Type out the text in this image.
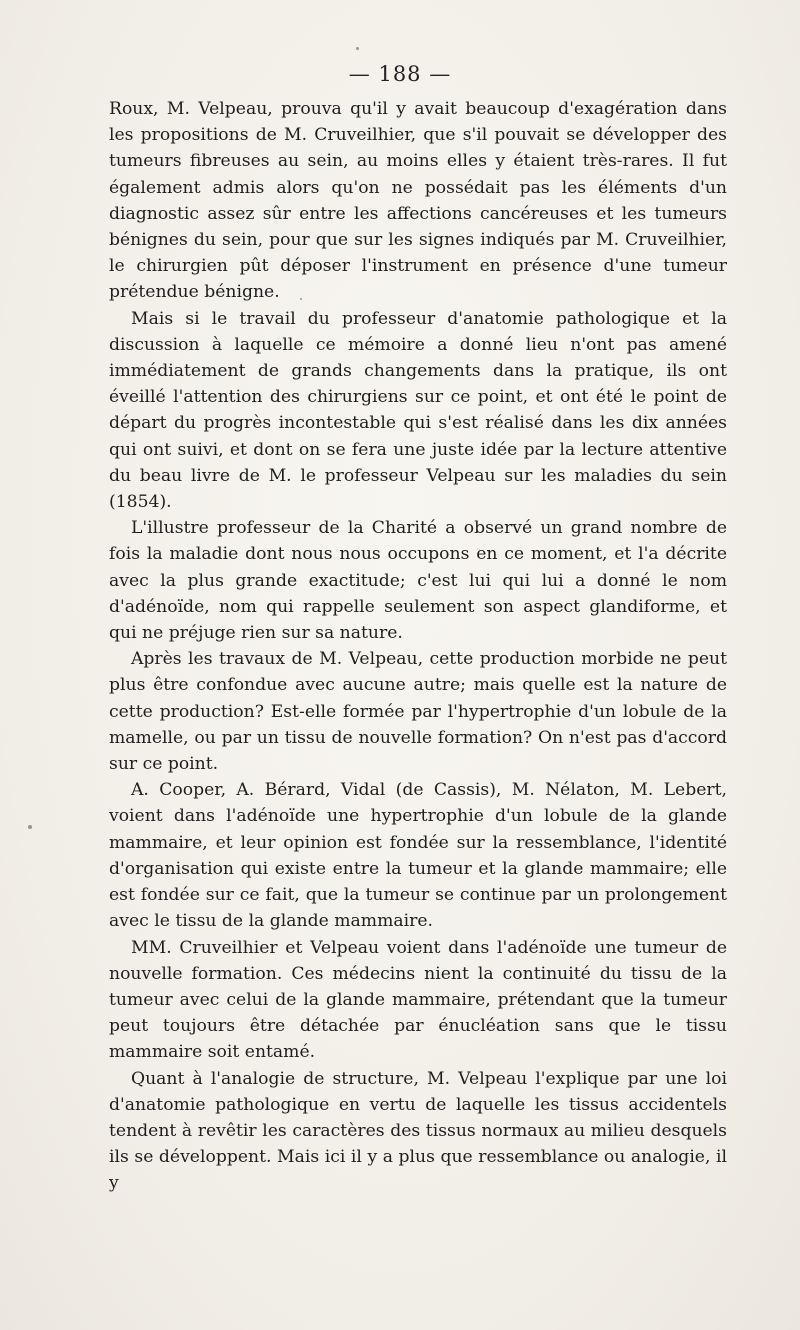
— 188 —

Roux, M. Velpeau, prouva qu'il y avait beaucoup d'exagération dans les propositions de M. Cruveilhier, que s'il pouvait se développer des tumeurs fibreuses au sein, au moins elles y étaient très-rares. Il fut également admis alors qu'on ne possédait pas les éléments d'un diagnostic assez sûr entre les affections cancéreuses et les tumeurs bénignes du sein, pour que sur les signes indiqués par M. Cruveilhier, le chirurgien pût déposer l'instrument en présence d'une tumeur prétendue bénigne.

Mais si le travail du professeur d'anatomie pathologique et la discussion à laquelle ce mémoire a donné lieu n'ont pas amené immédiatement de grands changements dans la pratique, ils ont éveillé l'attention des chirurgiens sur ce point, et ont été le point de départ du progrès incontestable qui s'est réalisé dans les dix années qui ont suivi, et dont on se fera une juste idée par la lecture attentive du beau livre de M. le professeur Velpeau sur les maladies du sein (1854).

L'illustre professeur de la Charité a observé un grand nombre de fois la maladie dont nous nous occupons en ce moment, et l'a décrite avec la plus grande exactitude; c'est lui qui lui a donné le nom d'adénoïde, nom qui rappelle seulement son aspect glandiforme, et qui ne préjuge rien sur sa nature.

Après les travaux de M. Velpeau, cette production morbide ne peut plus être confondue avec aucune autre; mais quelle est la nature de cette production? Est-elle formée par l'hypertrophie d'un lobule de la mamelle, ou par un tissu de nouvelle formation? On n'est pas d'accord sur ce point.

A. Cooper, A. Bérard, Vidal (de Cassis), M. Nélaton, M. Lebert, voient dans l'adénoïde une hypertrophie d'un lobule de la glande mammaire, et leur opinion est fondée sur la ressemblance, l'identité d'organisation qui existe entre la tumeur et la glande mammaire; elle est fondée sur ce fait, que la tumeur se continue par un prolongement avec le tissu de la glande mammaire.

MM. Cruveilhier et Velpeau voient dans l'adénoïde une tumeur de nouvelle formation. Ces médecins nient la continuité du tissu de la tumeur avec celui de la glande mammaire, prétendant que la tumeur peut toujours être détachée par énucléation sans que le tissu mammaire soit entamé.

Quant à l'analogie de structure, M. Velpeau l'explique par une loi d'anatomie pathologique en vertu de laquelle les tissus accidentels tendent à revêtir les caractères des tissus normaux au milieu desquels ils se développent. Mais ici il y a plus que ressemblance ou analogie, il y
